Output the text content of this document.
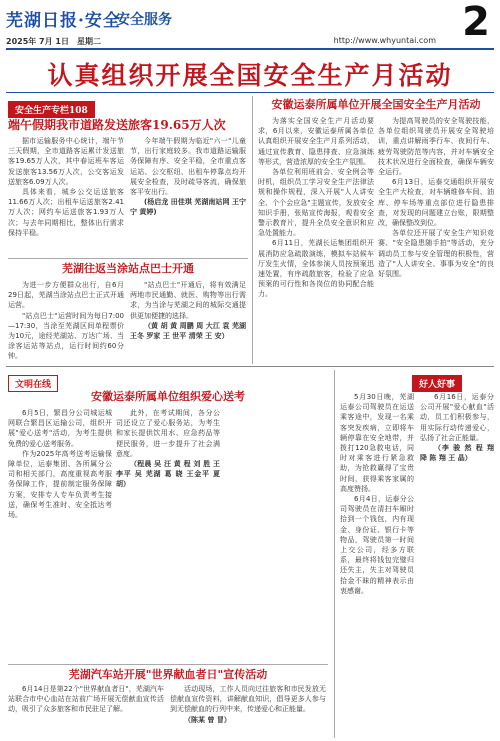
芜湖日报·安全
安全服务	2
2025年 7月 1日　星期二	http://www.whyuntai.com
认真组织开展全国安全生产月活动
安全生产专栏108
端午假期我市道路发送旅客19.65万人次

据市运输服务中心统计，端午节三天假期，全市道路客运累计发送旅客19.65万人次，其中春运班车客运发送旅客13.56万人次，公交客运发送旅客6.09万人次。

具体来看，城乡公交运送旅客11.66万人次；出租车运送旅客2.41万人次；网约车运送旅客1.93万人次；与去年同期相比，整体出行需求保持平稳。

今年端午假期为临近"六一"儿童节，出行家庭较多。我市道路运输服务保障有序、安全平稳，全市重点客运站、公交枢纽、出租车停靠点均开展安全检查，及时疏导客流，确保旅客平安出行。

(杨启龙 田佳琪 芜湖南站网 王宁宁 黄婷)

芜湖往返当涂站点巴士开通

为进一步方便群众出行，自6月29日起，芜湖当涂站点巴士正式开通运营。

"站点巴士"运营时间为每日7:00—17:30，当涂至芜湖区间单程票价为10元，途经芜湖站、万达广场、当涂客运站等站点，运行时间约60分钟。

"站点巴士"开通后，将有效满足两地市民通勤、就医、购物等出行需求，为当涂与芜湖之间的城际交通提供更加便捷的选择。

（黄 胡 黄 周鹏 周 大江 袁 芜湖 王冬 罗家 王 世平 清荣 王 安）

安徽运泰所属单位开展全国安全生产月活动

为落实全国安全生产月活动要求，6月以来，安徽运泰所属各单位认真组织开展安全生产月系列活动，通过宣传教育、隐患排查、应急演练等形式，营造浓厚的安全生产氛围。

各单位利用班前会、安全例会等时机，组织员工学习安全生产法律法规和操作规程，深入开展"人人讲安全、个个会应急"主题宣传，发放安全知识手册，张贴宣传海报，观看安全警示教育片，提升全员安全意识和应急处置能力。

6月11日，芜湖长运集团组织开展消防应急疏散演练，模拟车站候车厅发生火情，全体参演人员按预案迅速处置，有序疏散旅客，检验了应急预案的可行性和各岗位的协同配合能力。

为提高驾驶员的安全驾驶技能，各单位组织驾驶员开展安全驾驶培训，重点讲解雨季行车、夜间行车、疲劳驾驶防范等内容，并对车辆安全技术状况进行全面检查，确保车辆安全运行。

6月13日，运泰交通组织开展安全生产大检查，对车辆维修车间、油库、停车场等重点部位进行隐患排查，对发现的问题建立台账，限期整改，确保整改到位。

各单位还开展了安全生产知识竞赛、"安全隐患随手拍"等活动，充分调动员工参与安全管理的积极性，营造了"人人讲安全、事事为安全"的良好氛围。

文明在线
安徽运泰所属单位组织爱心送考

6月5日，繁昌分公司城运城网联合繁昌区运输公司，组织开展"爱心送考"活动，为考生提供免费的爱心送考服务。

作为2025年高考送考运输保障单位，运泰集团、各所属分公司和相关部门，高度重视高考服务保障工作，提前制定服务保障方案，安排专人专车负责考生接送，确保考生准时、安全抵达考场。

此外，在考试期间，各分公司还设立了爱心服务站，为考生和家长提供饮用水、应急药品等便民服务，进一步提升了社会满意度。

（程晨 吴 汪 黄 程 刘 胜 王 李平 吴 芜湖 葛 晓 王金平 夏 胡）

芜湖汽车站开展"世界献血者日"宣传活动

6月14日是第22个"世界献血者日"，芜湖汽车站联合市中心血站在站前广场开展无偿献血宣传活动，吸引了众多旅客和市民驻足了解。

活动现场，工作人员向过往旅客和市民发放无偿献血宣传资料，讲解献血知识，倡导更多人参与到无偿献血的行列中来，传递爱心和正能量。

（陈某 曾 冒）

好人好事

5月30日晚，芜湖运泰公司驾驶员在运送乘客途中，发现一名乘客突发疾病，立即将车辆停靠在安全地带，并拨打120急救电话，同时对乘客进行紧急救助，为抢救赢得了宝贵时间，获得乘客家属的高度赞扬。

6月4日，运泰分公司驾驶员在清扫车厢时拾到一个钱包，内有现金、身份证、银行卡等物品，驾驶员第一时间上交公司，经多方联系，最终将钱包完璧归还失主，失主对驾驶员拾金不昧的精神表示由衷感谢。

6月16日，运泰分公司开展"爱心献血"活动，员工们积极参与，用实际行动传递爱心，弘扬了社会正能量。

（李 骏 然 程 翔 降 陈 翔 王 晶）
